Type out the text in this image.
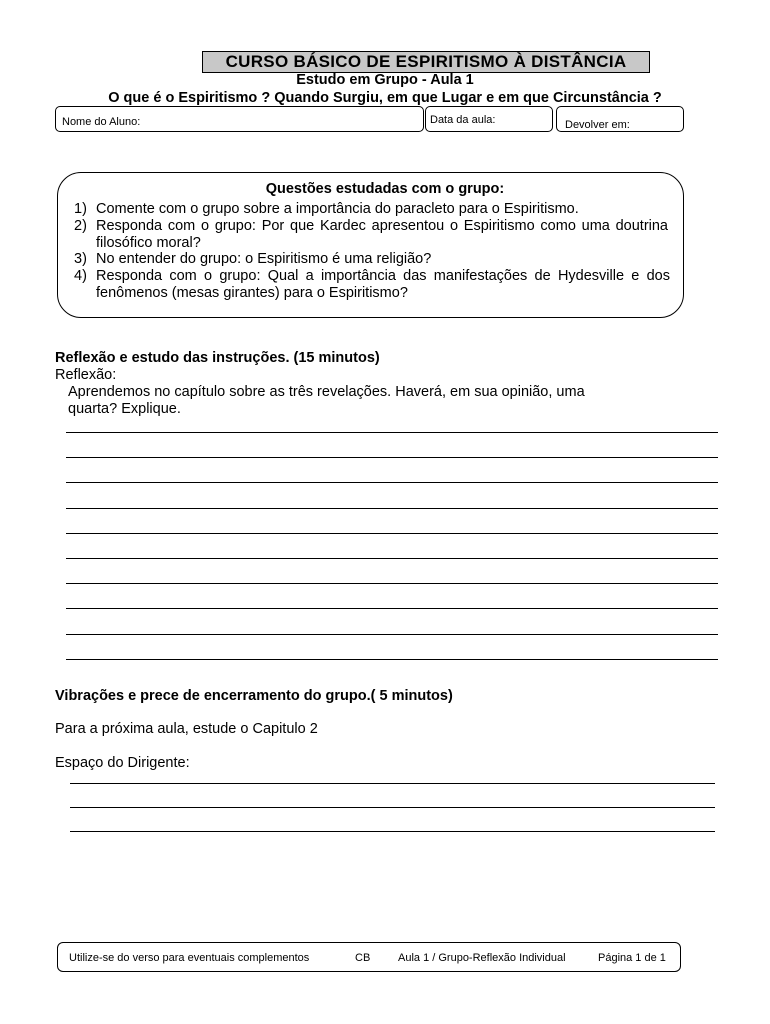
CURSO BÁSICO DE ESPIRITISMO À DISTÂNCIA
Estudo em Grupo - Aula 1
O que é o Espiritismo ? Quando Surgiu, em que Lugar e em que Circunstância ?
Nome do Aluno:	Data da aula:	Devolver em:
Questões estudadas com o grupo:
1) Comente com o grupo sobre a importância do paracleto para o Espiritismo.
2) Responda com o grupo: Por que Kardec apresentou o Espiritismo como uma doutrina filosófico moral?
3) No entender do grupo: o Espiritismo é uma religião?
4) Responda com o grupo: Qual a importância das manifestações de Hydesville e dos fenômenos (mesas girantes) para o Espiritismo?
Reflexão e estudo das instruções. (15 minutos)
Reflexão:
Aprendemos no capítulo sobre as três revelações. Haverá, em sua opinião, uma
quarta? Explique.
Vibrações e prece de encerramento do grupo.( 5 minutos)
Para a próxima aula, estude o Capitulo 2
Espaço do Dirigente:
Utilize-se do verso para eventuais complementos	CB	Aula 1 / Grupo-Reflexão Individual	Página 1 de 1
